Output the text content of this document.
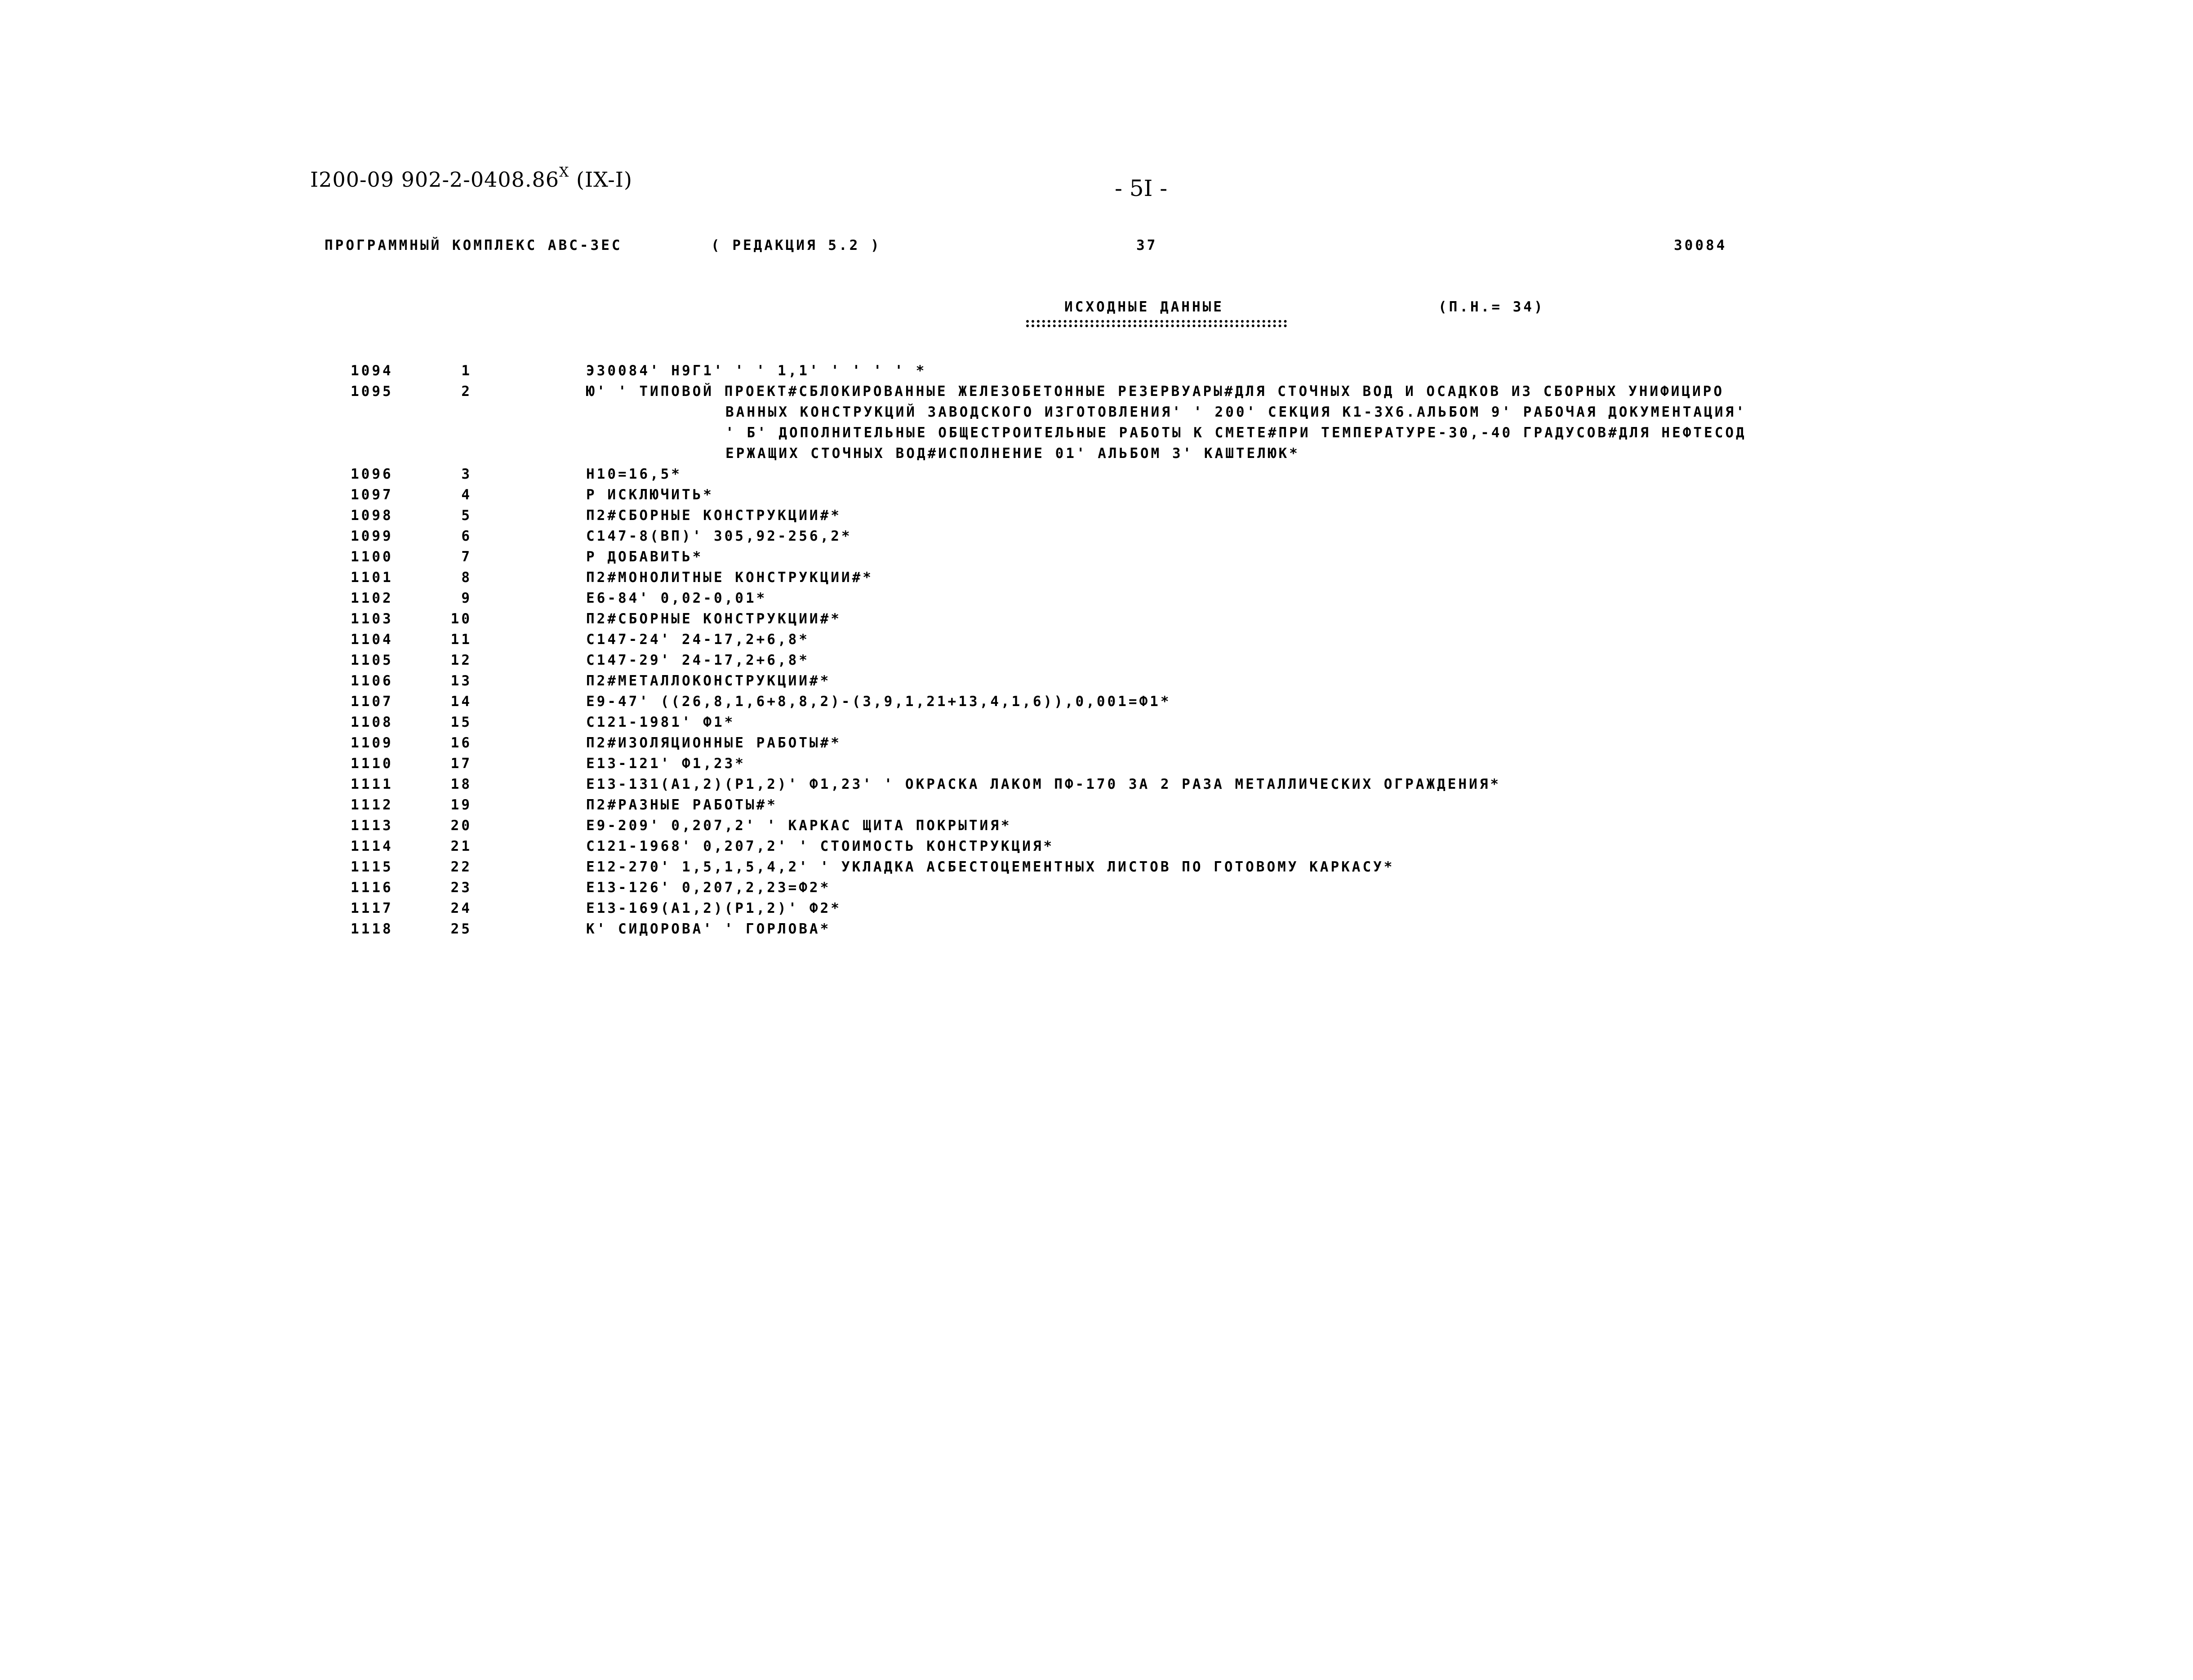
I200-09 $902-2-0408.86^X$ (IX-I)	- 5I -
ПРОГРАММНЫЙ КОМПЛЕКС АВС-ЗЕС	( РЕДАКЦИЯ 5.2 )	37	30084
ИСХОДНЫЕ ДАННЫЕ	(П.Н.= 34)
1094	1	Э30084' Н9Г1' ' ' 1,1' ' ' ' ' *
1095	2	Ю' ' ТИПОВОЙ ПРОЕКТ#СБЛОКИРОВАННЫЕ ЖЕЛЕЗОБЕТОННЫЕ РЕЗЕРВУАРЫ#ДЛЯ СТОЧНЫХ ВОД И ОСАДКОВ ИЗ СБОРНЫХ УНИФИЦИРО
ВАННЫХ КОНСТРУКЦИЙ ЗАВОДСКОГО ИЗГОТОВЛЕНИЯ' ' 200' СЕКЦИЯ К1-3Х6.АЛЬБОМ 9' РАБОЧАЯ ДОКУМЕНТАЦИЯ'
' Б' ДОПОЛНИТЕЛЬНЫЕ ОБЩЕСТРОИТЕЛЬНЫЕ РАБОТЫ К СМЕТЕ#ПРИ ТЕМПЕРАТУРЕ-30,-40 ГРАДУСОВ#ДЛЯ НЕФТЕСОД
ЕРЖАЩИХ СТОЧНЫХ ВОД#ИСПОЛНЕНИЕ 01' АЛЬБОМ 3' КАШТЕЛЮК*
1096	3	Н10=16,5*
1097	4	Р ИСКЛЮЧИТЬ*
1098	5	П2#СБОРНЫЕ КОНСТРУКЦИИ#*
1099	6	С147-8(ВП)' 305,92-256,2*
1100	7	Р ДОБАВИТЬ*
1101	8	П2#МОНОЛИТНЫЕ КОНСТРУКЦИИ#*
1102	9	Е6-84' 0,02-0,01*
1103	10	П2#СБОРНЫЕ КОНСТРУКЦИИ#*
1104	11	С147-24' 24-17,2+6,8*
1105	12	С147-29' 24-17,2+6,8*
1106	13	П2#МЕТАЛЛОКОНСТРУКЦИИ#*
1107	14	Е9-47' ((26,8,1,6+8,8,2)-(3,9,1,21+13,4,1,6)),0,001=Ф1*
1108	15	С121-1981' Ф1*
1109	16	П2#ИЗОЛЯЦИОННЫЕ РАБОТЫ#*
1110	17	Е13-121' Ф1,23*
1111	18	Е13-131(А1,2)(Р1,2)' Ф1,23' ' ОКРАСКА ЛАКОМ ПФ-170 ЗА 2 РАЗА МЕТАЛЛИЧЕСКИХ ОГРАЖДЕНИЯ*
1112	19	П2#РАЗНЫЕ РАБОТЫ#*
1113	20	Е9-209' 0,207,2' ' КАРКАС ЩИТА ПОКРЫТИЯ*
1114	21	С121-1968' 0,207,2' ' СТОИМОСТЬ КОНСТРУКЦИЯ*
1115	22	Е12-270' 1,5,1,5,4,2' ' УКЛАДКА АСБЕСТОЦЕМЕНТНЫХ ЛИСТОВ ПО ГОТОВОМУ КАРКАСУ*
1116	23	Е13-126' 0,207,2,23=Ф2*
1117	24	Е13-169(А1,2)(Р1,2)' Ф2*
1118	25	К' СИДОРОВА' ' ГОРЛОВА*
